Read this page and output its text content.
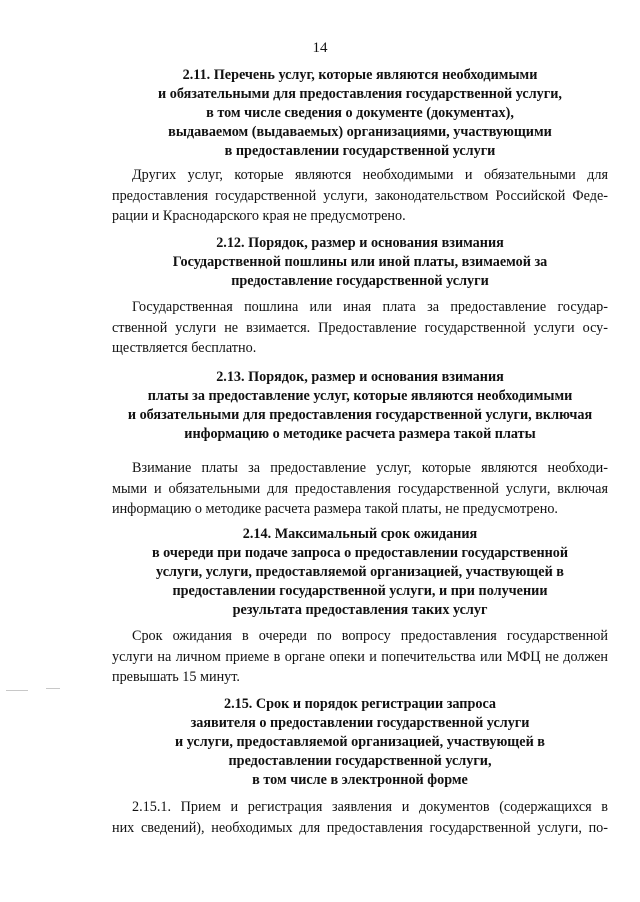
14
2.11. Перечень услуг, которые являются необходимыми
и обязательными для предоставления государственной услуги,
в том числе сведения о документе (документах),
выдаваемом (выдаваемых) организациями, участвующими
в предоставлении государственной услуги
Других услуг, которые являются необходимыми и обязательными для
предоставления государственной услуги, законодательством Российской Феде-
рации и Краснодарского края не предусмотрено.
2.12. Порядок, размер и основания взимания
Государственной пошлины или иной платы, взимаемой за
предоставление государственной услуги
Государственная пошлина или иная плата за предоставление государ-
ственной услуги не взимается. Предоставление государственной услуги осу-
ществляется бесплатно.
2.13. Порядок, размер и основания взимания
платы за предоставление услуг, которые являются необходимыми
и обязательными для предоставления государственной услуги, включая
информацию о методике расчета размера такой платы
Взимание платы за предоставление услуг, которые являются необходи-
мыми и обязательными для предоставления государственной услуги, включая
информацию о методике расчета размера такой платы, не предусмотрено.
2.14. Максимальный срок ожидания
в очереди при подаче запроса о предоставлении государственной
услуги, услуги, предоставляемой организацией, участвующей в
предоставлении государственной услуги, и при получении
результата предоставления таких услуг
Срок ожидания в очереди по вопросу предоставления государственной
услуги на личном приеме в органе опеки и попечительства или МФЦ не должен
превышать 15 минут.
2.15. Срок и порядок регистрации запроса
заявителя о предоставлении государственной услуги
и услуги, предоставляемой организацией, участвующей в
предоставлении государственной услуги,
в том числе в электронной форме
2.15.1. Прием и регистрация заявления и документов (содержащихся в
них сведений), необходимых для предоставления государственной услуги, по-
